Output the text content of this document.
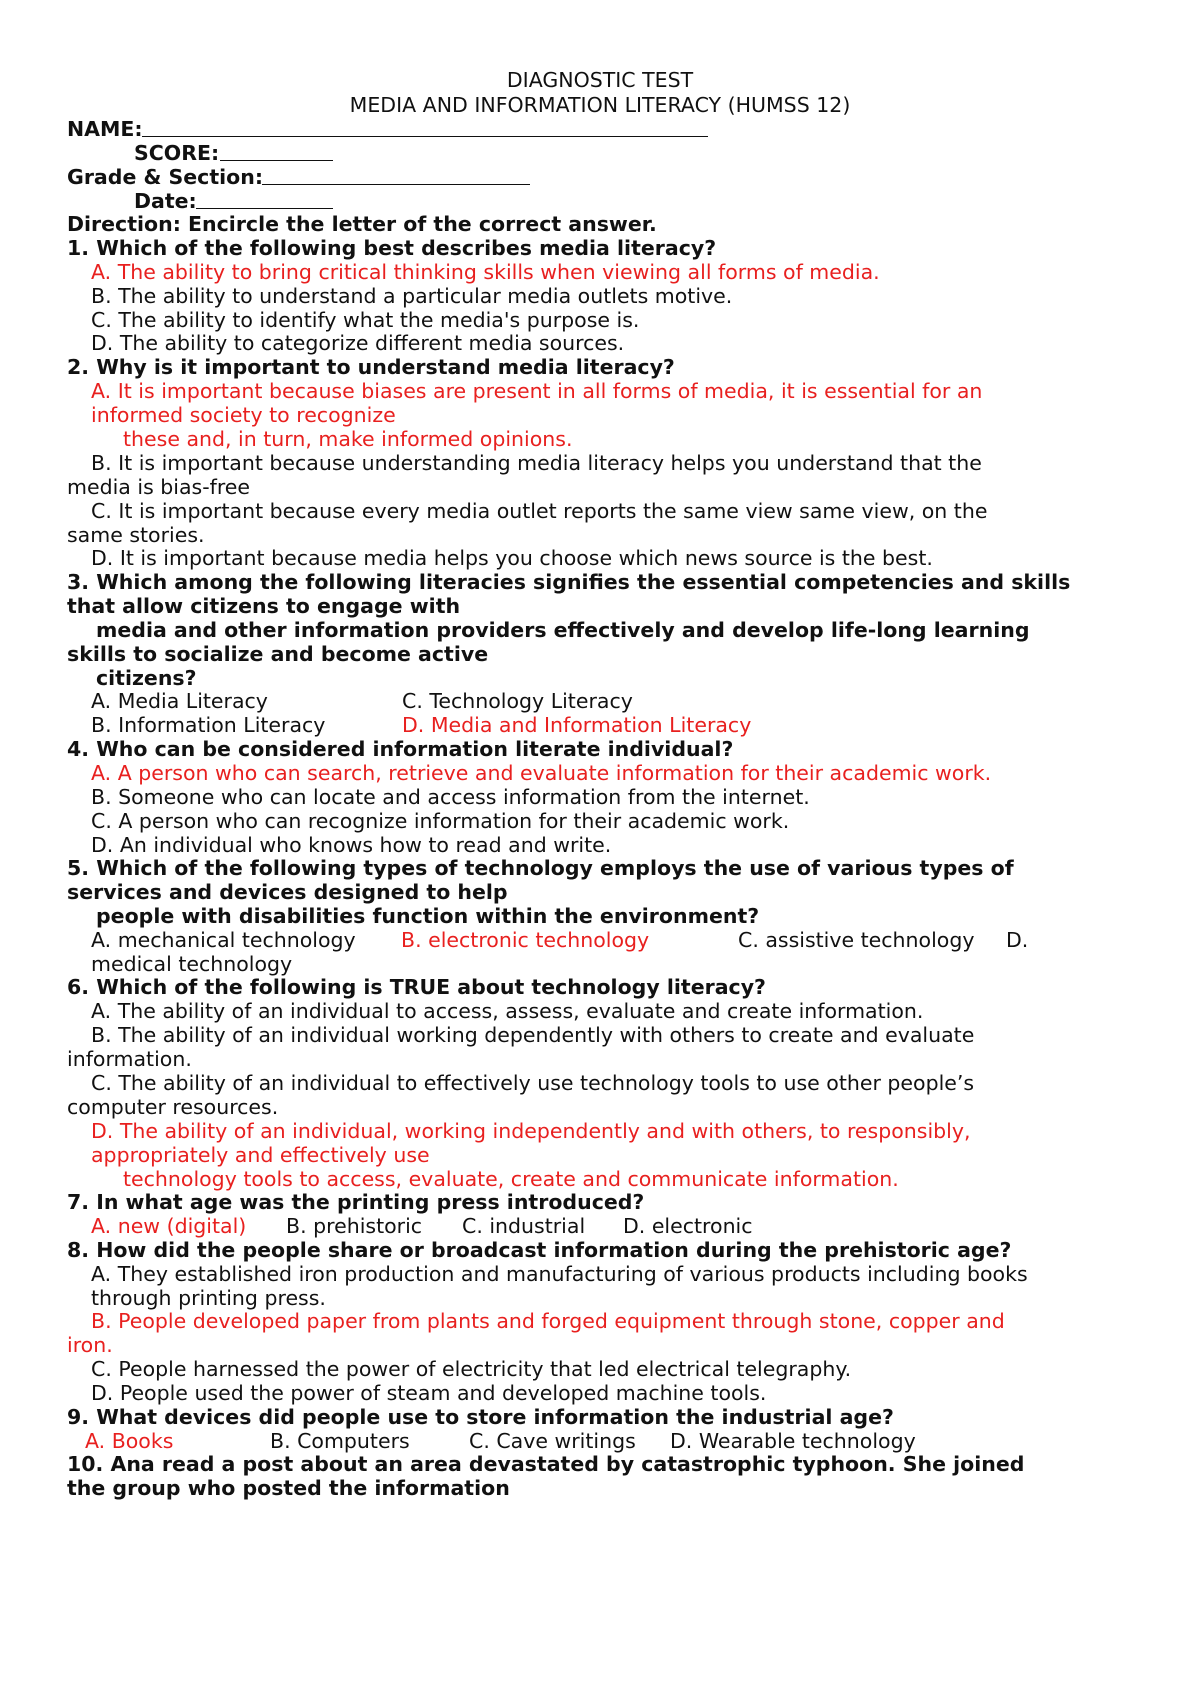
DIAGNOSTIC TEST
MEDIA AND INFORMATION LITERACY (HUMSS 12)
NAME:
SCORE:
Grade & Section:
Date:
Direction: Encircle the letter of the correct answer.
1. Which of the following best describes media literacy?
A. The ability to bring critical thinking skills when viewing all forms of media.
B. The ability to understand a particular media outlets motive.
C. The ability to identify what the media's purpose is.
D. The ability to categorize different media sources.
2. Why is it important to understand media literacy?
A. It is important because biases are present in all forms of media, it is essential for an
informed society to recognize
these and, in turn, make informed opinions.
B. It is important because understanding media literacy helps you understand that the
media is bias-free
C. It is important because every media outlet reports the same view same view, on the
same stories.
D. It is important because media helps you choose which news source is the best.
3. Which among the following literacies signifies the essential competencies and skills
that allow citizens to engage with
media and other information providers effectively and develop life-long learning
skills to socialize and become active
citizens?
A. Media Literacy	C. Technology Literacy
B. Information Literacy	D. Media and Information Literacy
4. Who can be considered information literate individual?
A. A person who can search, retrieve and evaluate information for their academic work.
B. Someone who can locate and access information from the internet.
C. A person who can recognize information for their academic work.
D. An individual who knows how to read and write.
5. Which of the following types of technology employs the use of various types of
services and devices designed to help
people with disabilities function within the environment?
A. mechanical technology B. electronic technology	C. assistive technology D.
medical technology
6. Which of the following is TRUE about technology literacy?
A. The ability of an individual to access, assess, evaluate and create information.
B. The ability of an individual working dependently with others to create and evaluate
information.
C. The ability of an individual to effectively use technology tools to use other people’s
computer resources.
D. The ability of an individual, working independently and with others, to responsibly,
appropriately and effectively use
technology tools to access, evaluate, create and communicate information.
7. In what age was the printing press introduced?
A. new (digital) B. prehistoric C. industrial D. electronic
8. How did the people share or broadcast information during the prehistoric age?
A. They established iron production and manufacturing of various products including books
through printing press.
B. People developed paper from plants and forged equipment through stone, copper and
iron.
C. People harnessed the power of electricity that led electrical telegraphy.
D. People used the power of steam and developed machine tools.
9. What devices did people use to store information the industrial age?
A. Books	B. Computers	C. Cave writings D. Wearable technology
10. Ana read a post about an area devastated by catastrophic typhoon. She joined
the group who posted the information
